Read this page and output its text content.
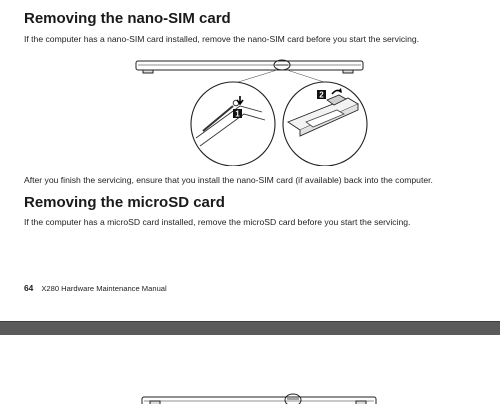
Removing the nano-SIM card

If the computer has a nano-SIM card installed, remove the nano-SIM card before you start the servicing.

1
2

After you finish the servicing, ensure that you install the nano-SIM card (if available) back into the computer.

Removing the microSD card

If the computer has a microSD card installed, remove the microSD card before you start the servicing.

64 X280 Hardware Maintenance Manual
